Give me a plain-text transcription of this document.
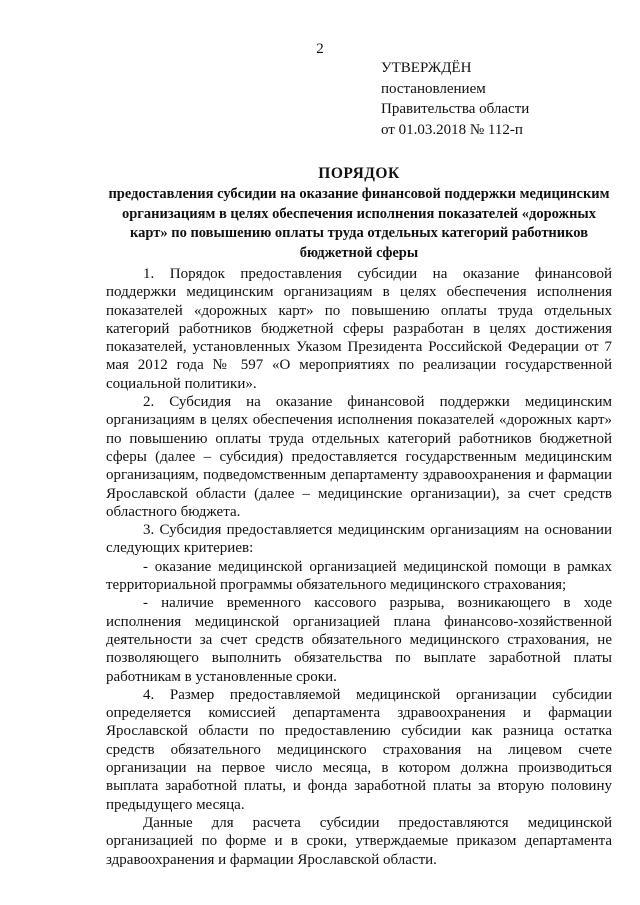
2
УТВЕРЖДЁН
постановлением
Правительства области
от 01.03.2018 № 112-п
ПОРЯДОК
предоставления субсидии на оказание финансовой поддержки медицинским организациям в целях обеспечения исполнения показателей «дорожных карт» по повышению оплаты труда отдельных категорий работников бюджетной сферы

1. Порядок предоставления субсидии на оказание финансовой поддержки медицинским организациям в целях обеспечения исполнения показателей «дорожных карт» по повышению оплаты труда отдельных категорий работников бюджетной сферы разработан в целях достижения показателей, установленных Указом Президента Российской Федерации от 7 мая 2012 года № 597 «О мероприятиях по реализации государственной социальной политики».

2. Субсидия на оказание финансовой поддержки медицинским организациям в целях обеспечения исполнения показателей «дорожных карт» по повышению оплаты труда отдельных категорий работников бюджетной сферы (далее – субсидия) предоставляется государственным медицинским организациям, подведомственным департаменту здравоохранения и фармации Ярославской области (далее – медицинские организации), за счет средств областного бюджета.

3. Субсидия предоставляется медицинским организациям на основании следующих критериев:

- оказание медицинской организацией медицинской помощи в рамках территориальной программы обязательного медицинского страхования;

- наличие временного кассового разрыва, возникающего в ходе исполнения медицинской организацией плана финансово-хозяйственной деятельности за счет средств обязательного медицинского страхования, не позволяющего выполнить обязательства по выплате заработной платы работникам в установленные сроки.

4. Размер предоставляемой медицинской организации субсидии определяется комиссией департамента здравоохранения и фармации Ярославской области по предоставлению субсидии как разница остатка средств обязательного медицинского страхования на лицевом счете организации на первое число месяца, в котором должна производиться выплата заработной платы, и фонда заработной платы за вторую половину предыдущего месяца.

Данные для расчета субсидии предоставляются медицинской организацией по форме и в сроки, утверждаемые приказом департамента здравоохранения и фармации Ярославской области.
